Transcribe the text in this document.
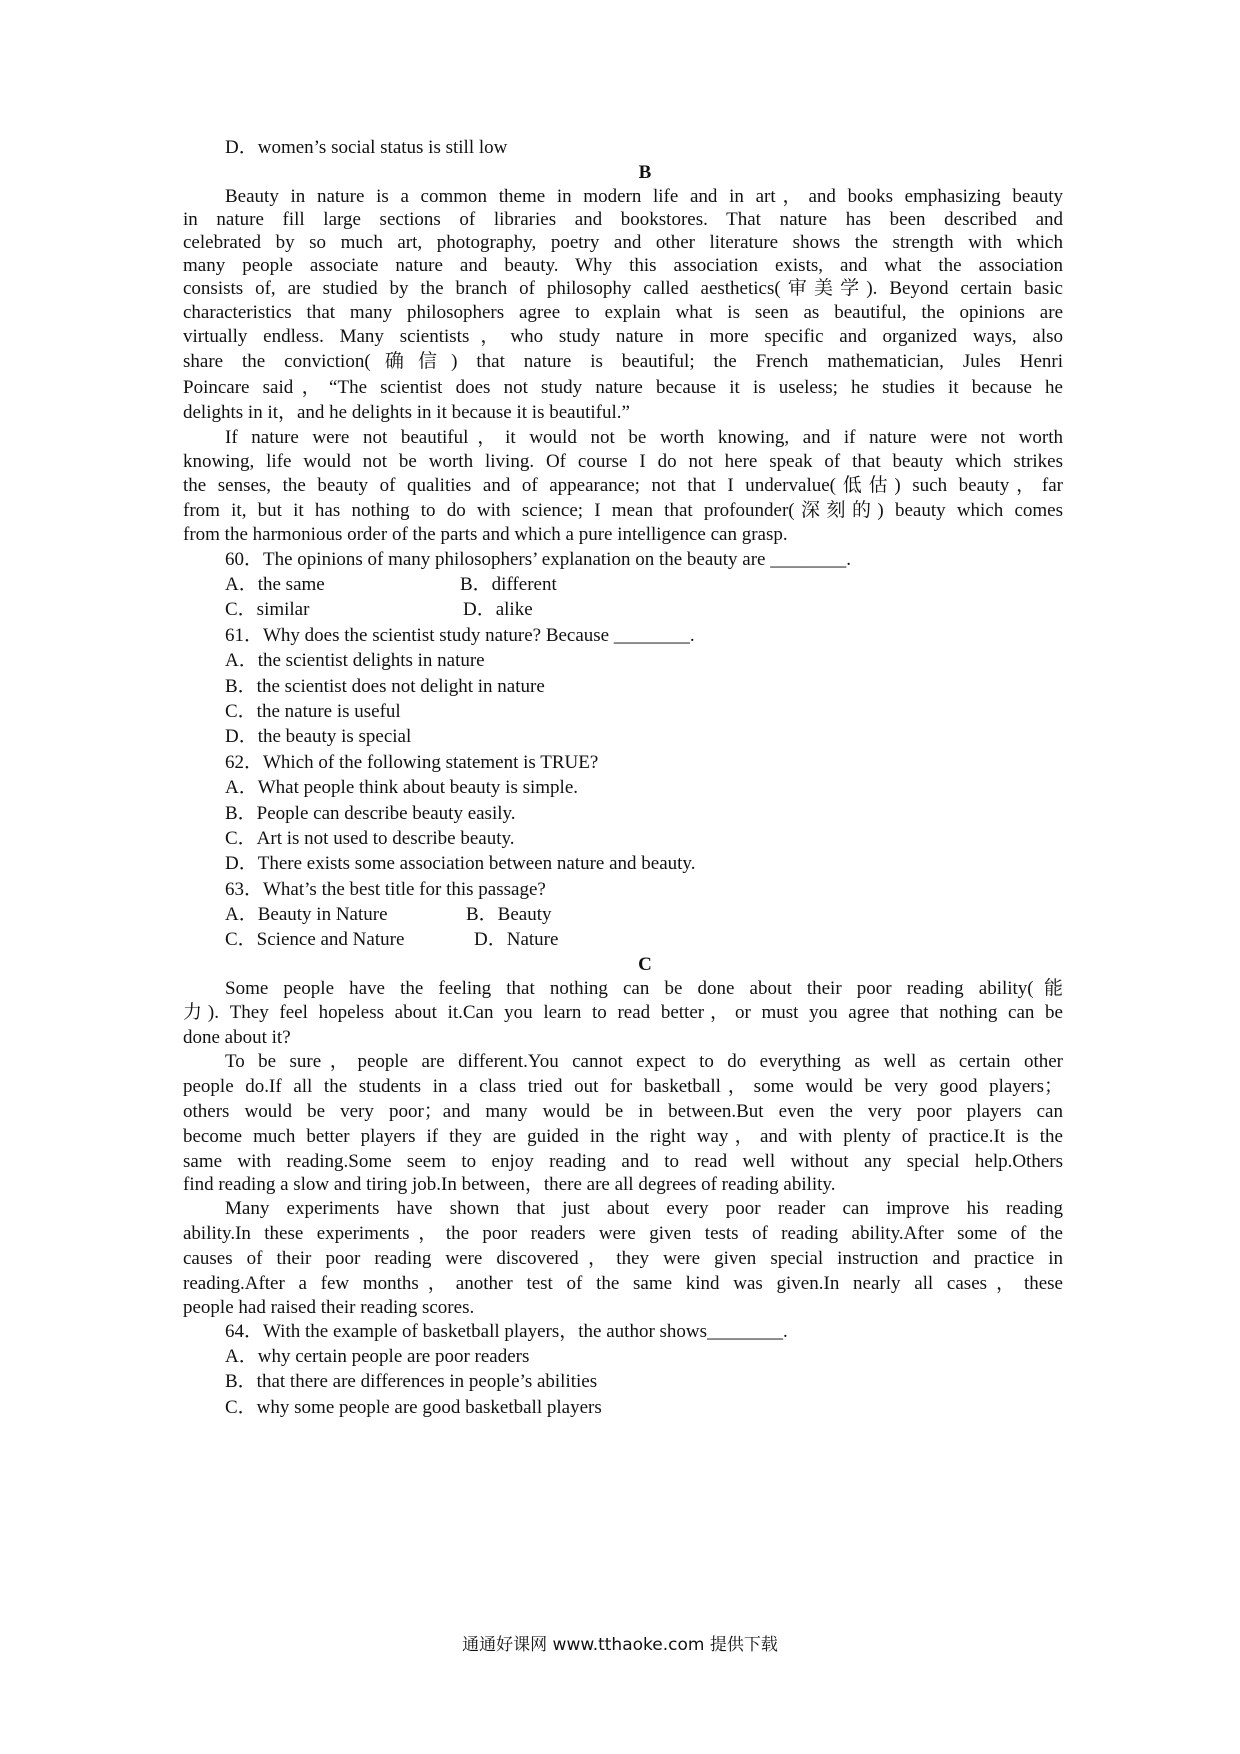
D．women’s social status is still low
B
Beauty in nature is a common theme in modern life and in art，and books emphasizing beauty
in nature fill large sections of libraries and bookstores. That nature has been described and
celebrated by so much art, photography, poetry and other literature shows the strength with which
many people associate nature and beauty. Why this association exists, and what the association
consists of, are studied by the branch of philosophy called aesthetics(审美学). Beyond certain basic
characteristics that many philosophers agree to explain what is seen as beautiful, the opinions are
virtually endless. Many scientists，who study nature in more specific and organized ways, also
share the conviction(确信) that nature is beautiful; the French mathematician, Jules Henri
Poincare said，“The scientist does not study nature because it is useless; he studies it because he
delights in it，and he delights in it because it is beautiful.”
If nature were not beautiful，it would not be worth knowing, and if nature were not worth
knowing, life would not be worth living. Of course I do not here speak of that beauty which strikes
the senses, the beauty of qualities and of appearance; not that I undervalue(低估) such beauty，far
from it, but it has nothing to do with science; I mean that profounder(深刻的) beauty which comes
from the harmonious order of the parts and which a pure intelligence can grasp.
60．The opinions of many philosophers’ explanation on the beauty are ________.
A．the same	B．different
C．similar	D．alike
61．Why does the scientist study nature? Because ________.
A．the scientist delights in nature
B．the scientist does not delight in nature
C．the nature is useful
D．the beauty is special
62．Which of the following statement is TRUE?
A．What people think about beauty is simple.
B．People can describe beauty easily.
C．Art is not used to describe beauty.
D．There exists some association between nature and beauty.
63．What’s the best title for this passage?
A．Beauty in Nature	B．Beauty
C．Science and Nature	D．Nature
C
Some people have the feeling that nothing can be done about their poor reading ability(能
力). They feel hopeless about it.Can you learn to read better，or must you agree that nothing can be
done about it?
To be sure，people are different.You cannot expect to do everything as well as certain other
people do.If all the students in a class tried out for basketball，some would be very good players；
others would be very poor；and many would be in between.But even the very poor players can
become much better players if they are guided in the right way，and with plenty of practice.It is the
same with reading.Some seem to enjoy reading and to read well without any special help.Others
find reading a slow and tiring job.In between，there are all degrees of reading ability.
Many experiments have shown that just about every poor reader can improve his reading
ability.In these experiments，the poor readers were given tests of reading ability.After some of the
causes of their poor reading were discovered，they were given special instruction and practice in
reading.After a few months，another test of the same kind was given.In nearly all cases，these
people had raised their reading scores.
64．With the example of basketball players，the author shows________.
A．why certain people are poor readers
B．that there are differences in people’s abilities
C．why some people are good basketball players
通通好课网 www.tthaoke.com 提供下载
